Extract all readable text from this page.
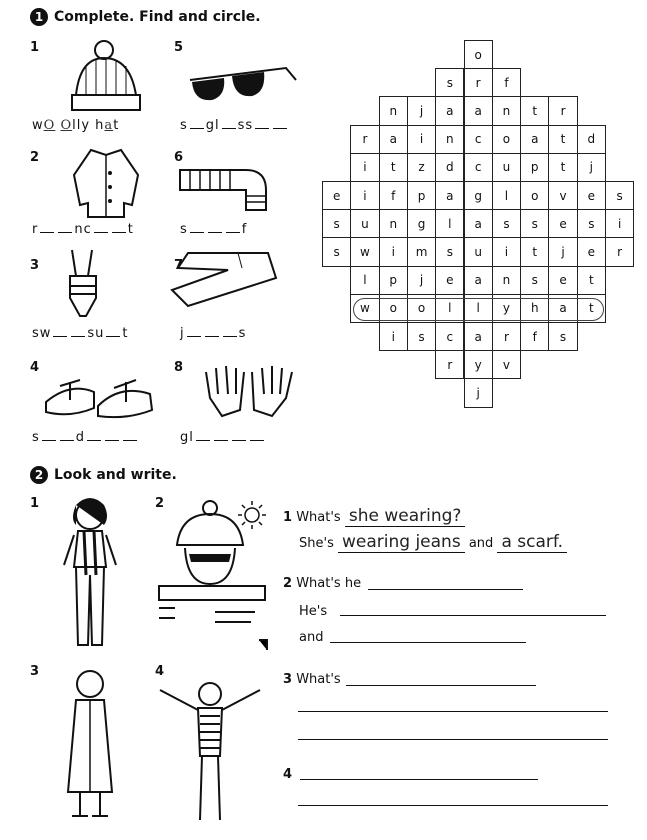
1 Complete. Find and circle.
1
2
3
4
5
6
7
8
wO Olly hat	s gl ss
r	nc	t	s	f
sw	su t	j	s
s	d	gl
o
s	r	f
n	j	a	a	n	t	r
r	a	i	n	c	o	a	t	d
i	t	z	d	c	u	p	t	j
e	i	f	p	a	g	l	o	v	e	s
s	u	n	g	l	a	s	s	e	s	i
s	w	i	m	s	u	i	t	j	e	r
l	p	j	e	a	n	s	e	t
w	o	o	l	l	y	h	a	t
i	s	c	a	r	f	s
r	y	v
j
2 Look and write.
1	2
3	4
1 What's she wearing?
She's wearing jeans and a scarf.
2 What's he
He's
and
3 What's
4
